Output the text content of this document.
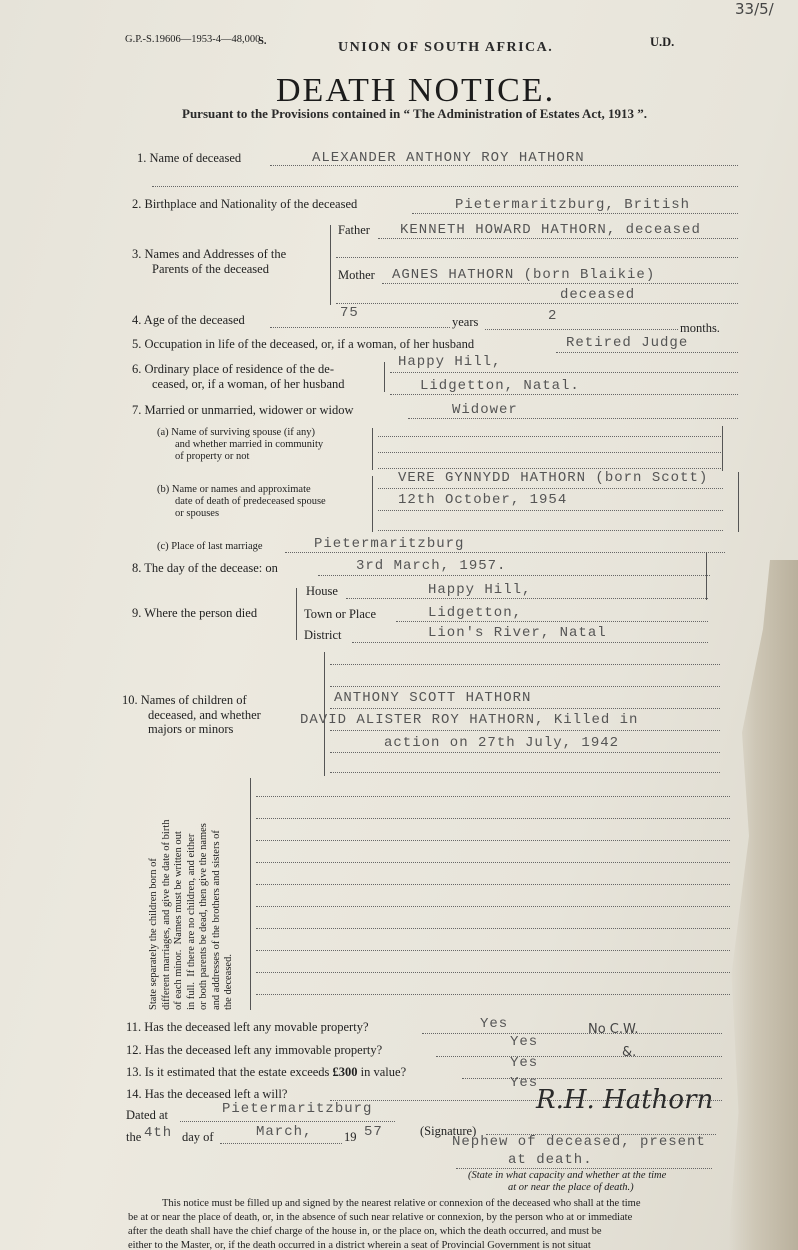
G.P.-S.19606—1953-4—48,000
S.	UNION OF SOUTH AFRICA.	U.D.
33/5/
DEATH NOTICE.
Pursuant to the Provisions contained in “ The Administration of Estates Act, 1913 ”.
1. Name of deceased	ALEXANDER ANTHONY ROY HATHORN
2. Birthplace and Nationality of the deceased	Pietermaritzburg, British
3. Names and Addresses of the
Parents of the deceased
Father KENNETH HOWARD HATHORN, deceased
Mother AGNES HATHORN (born Blaikie)
deceased
4. Age of the deceased	75
years	2
months.
5. Occupation in life of the deceased, or, if a woman, of her husband	Retired Judge
6. Ordinary place of residence of the de-
ceased, or, if a woman, of her husband
Happy Hill,
Lidgetton, Natal.
7. Married or unmarried, widower or widow	Widower
(a) Name of surviving spouse (if any)
and whether married in community
of property or not
(b) Name or names and approximate
date of death of predeceased spouse
or spouses
VERE GYNNYDD HATHORN (born Scott)
12th October, 1954
(c) Place of last marriage	Pietermaritzburg
8. The day of the decease: on	3rd March, 1957.
9. Where the person died
House	Happy Hill,
Town or Place	Lidgetton,
District	Lion's River, Natal
10. Names of children of
deceased, and whether
majors or minors
ANTHONY SCOTT HATHORN
DAVID ALISTER ROY HATHORN, Killed in
action on 27th July, 1942
State separately the children born of
different marriages, and give the date of birth
of each minor.  Names must be written out
in full.  If there are no children, and either
or both parents be dead, then give the names
and addresses of the brothers and sisters of
the deceased.
11. Has the deceased left any movable property?	Yes	No C.W.
12. Has the deceased left any immovable property?	Yes
&.
13. Is it estimated that the estate exceeds £300 in value?
Yes
14. Has the deceased left a will?
Yes
Dated at	Pietermaritzburg
the 4th day of	March,	19 57	(Signature)
R.H. Hathorn
Nephew of deceased, present
at death.
(State in what capacity and whether at the time
at or near the place of death.)
This notice must be filled up and signed by the nearest relative or connexion of the deceased who shall at the time
be at or near the place of death, or, in the absence of such near relative or connexion, by the person who at or immediate
after the death shall have the chief charge of the house in, or the place on, which the death occurred, and must be
either to the Master, or, if the death occurred in a district wherein a seat of Provincial Government is not situat
